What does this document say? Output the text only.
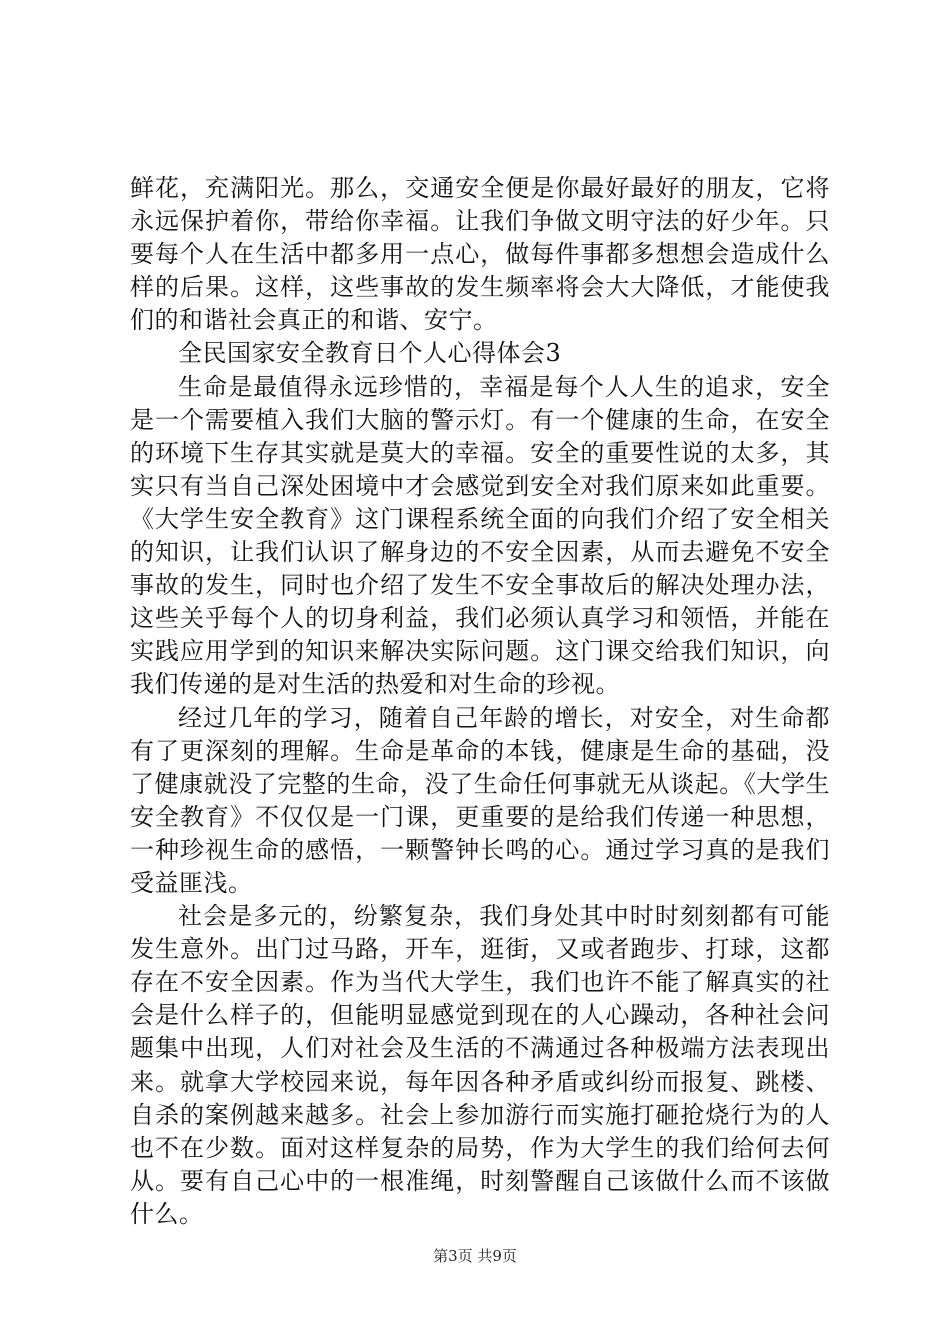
鲜花，充满阳光。那么，交通安全便是你最好最好的朋友，它将永远保护着你，带给你幸福。让我们争做文明守法的好少年。只要每个人在生活中都多用一点心，做每件事都多想想会造成什么样的后果。这样，这些事故的发生频率将会大大降低，才能使我们的和谐社会真正的和谐、安宁。

全民国家安全教育日个人心得体会3

生命是最值得永远珍惜的，幸福是每个人人生的追求，安全是一个需要植入我们大脑的警示灯。有一个健康的生命，在安全的环境下生存其实就是莫大的幸福。安全的重要性说的太多，其实只有当自己深处困境中才会感觉到安全对我们原来如此重要。《大学生安全教育》这门课程系统全面的向我们介绍了安全相关的知识，让我们认识了解身边的不安全因素，从而去避免不安全事故的发生，同时也介绍了发生不安全事故后的解决处理办法，这些关乎每个人的切身利益，我们必须认真学习和领悟，并能在实践应用学到的知识来解决实际问题。这门课交给我们知识，向我们传递的是对生活的热爱和对生命的珍视。

经过几年的学习，随着自己年龄的增长，对安全，对生命都有了更深刻的理解。生命是革命的本钱，健康是生命的基础，没了健康就没了完整的生命，没了生命任何事就无从谈起。《大学生安全教育》不仅仅是一门课，更重要的是给我们传递一种思想，一种珍视生命的感悟，一颗警钟长鸣的心。通过学习真的是我们受益匪浅。

社会是多元的，纷繁复杂，我们身处其中时时刻刻都有可能发生意外。出门过马路，开车，逛街，又或者跑步、打球，这都存在不安全因素。作为当代大学生，我们也许不能了解真实的社会是什么样子的，但能明显感觉到现在的人心躁动，各种社会问题集中出现，人们对社会及生活的不满通过各种极端方法表现出来。就拿大学校园来说，每年因各种矛盾或纠纷而报复、跳楼、自杀的案例越来越多。社会上参加游行而实施打砸抢烧行为的人也不在少数。面对这样复杂的局势，作为大学生的我们给何去何从。要有自己心中的一根准绳，时刻警醒自己该做什么而不该做什么。

第3页 共9页
